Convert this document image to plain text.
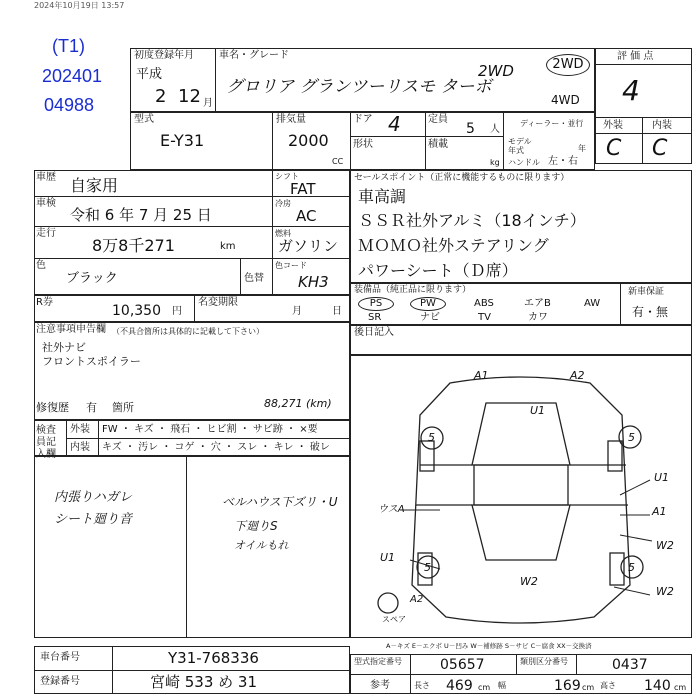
2024年10月19日 13:57
(T1)
202401
04988
初度登録年月
平成
2 12 月
車名・グレード
グロリア グランツーリスモ ターボ
2WD	2WD
4WD
評 価 点
4
外装	内装
C C
型式
E-Y31
排気量
2000
CC
ドア 4
形状
定員
5 人
積載
kg
ディーラー・並行
モデル 年式	年
ハンドル 左・右
車歴 自家用
車検
令和 6 年 7 月 25 日
走行
8万8千271	km
色
ブラック	色替
シフト
FAT
冷房
AC
燃料
ガソリン
色コード
KH3
R券
10,350 円
名変期限
月	日
セールスポイント（正常に機能するものに限ります）
車高調
ＳＳＲ社外アルミ（18インチ）
ＭＯＭＯ社外ステアリング
パワーシート（Ｄ席）
装備品（純正品に限ります）
PS	PW	ABS	エアB	AW
SR	ナビ	TV	カワ
新車保証
有・無
後日記入
注意事項申告欄 （不具合箇所は具体的に記載して下さい）
社外ナビ
フロントスポイラー
修復歴 有 箇所	88,271 (km)
検査員記入欄
外装 FW ・ キズ ・ 飛石 ・ ヒビ割 ・ サビ跡 ・ ×要
内装 キズ ・ 汚レ ・ コゲ ・ 穴 ・ スレ ・ キレ ・ 破レ
内張りハガレ
シート廻り音
ベルハウス下ズリ・U
下廻りS
オイルもれ
A1	A2
U1
5	5
U1
ウスA	A1
W2
U1
5	5
W2
A2
W2
スペア
A－キズ E－エクボ U－凹み W－補修跡 S－サビ C－腐食 XX－交換済
車台番号	Y31-768336
登録番号	宮崎 533 め 31
型式指定番号	05657	類別区分番号	0437
参考	長さ 469 cm 幅	169 cm 高さ 140 cm
